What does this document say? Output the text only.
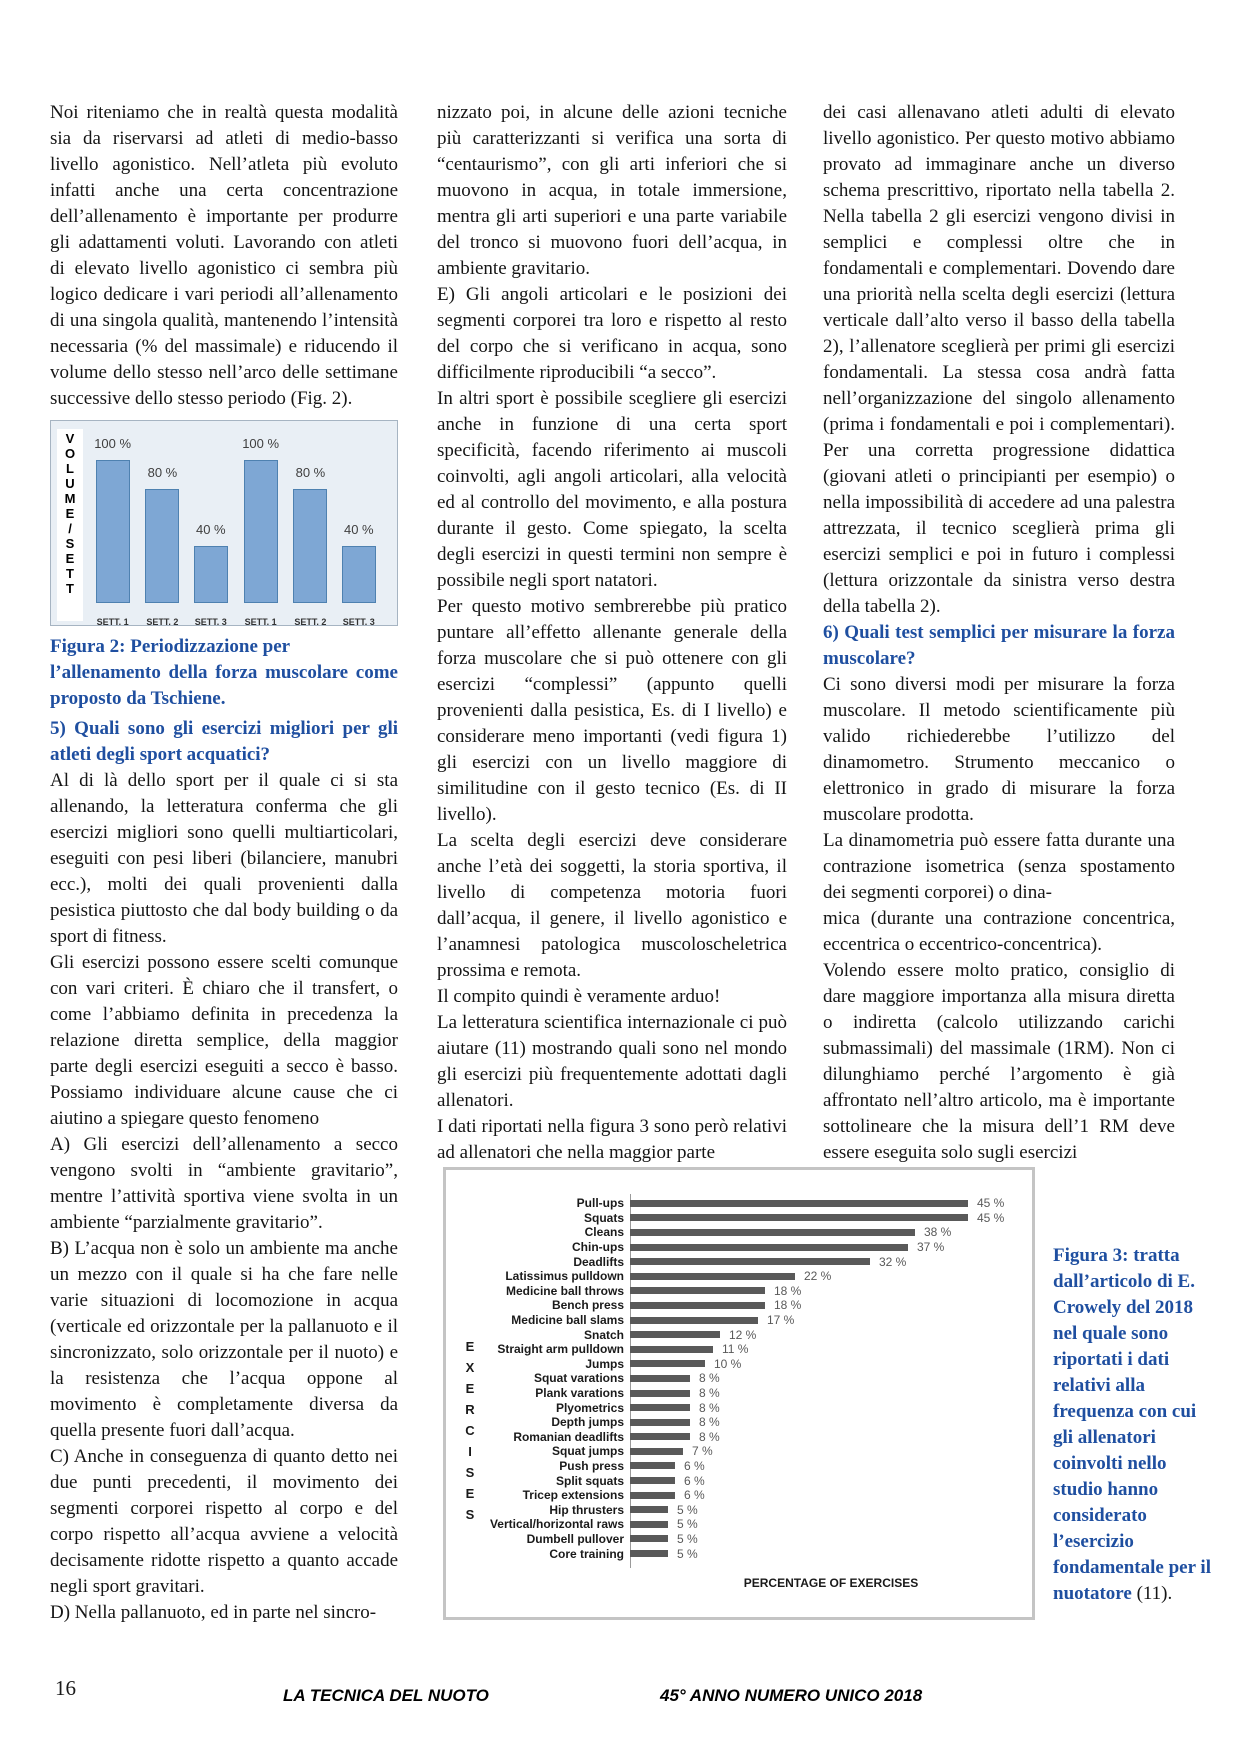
Noi riteniamo che in realtà questa modalità sia da riservarsi ad atleti di medio-basso livello agonistico. Nell’atleta più evoluto infatti anche una certa concentrazione dell’allenamento è importante per produrre gli adattamenti voluti. Lavorando con atleti di elevato livello agonistico ci sembra più logico dedicare i vari periodi all’allenamento di una singola qualità, mantenendo l’intensità necessaria (% del massimale) e riducendo il volume dello stesso nell’arco delle settimane successive dello stesso periodo (Fig. 2).

V
O
L
U
M
E
/
S
E
T
T
100 %
SETT. 1
80 %
SETT. 2
40 %
SETT. 3
100 %
SETT. 1
80 %
SETT. 2
40 %
SETT. 3
Figura 2: Periodizzazione per
l’allenamento della forza muscolare come proposto da Tschiene.

5) Quali sono gli esercizi migliori per gli atleti degli sport acquatici?

Al di là dello sport per il quale ci si sta allenando, la letteratura conferma che gli esercizi migliori sono quelli multiarticolari, eseguiti con pesi liberi (bilanciere, manubri ecc.), molti dei quali provenienti dalla pesistica piuttosto che dal body building o da sport di fitness.

Gli esercizi possono essere scelti comunque con vari criteri. È chiaro che il transfert, o come l’abbiamo definita in precedenza la relazione diretta semplice, della maggior parte degli esercizi eseguiti a secco è basso. Possiamo individuare alcune cause che ci aiutino a spiegare questo fenomeno

A) Gli esercizi dell’allenamento a secco vengono svolti in “ambiente gravitario”, mentre l’attività sportiva viene svolta in un ambiente “parzialmente gravitario”.

B) L’acqua non è solo un ambiente ma anche un mezzo con il quale si ha che fare nelle varie situazioni di locomozione in acqua (verticale ed orizzontale per la pallanuoto e il sincronizzato, solo orizzontale per il nuoto) e la resistenza che l’acqua oppone al movimento è completamente diversa da quella presente fuori dall’acqua.

C) Anche in conseguenza di quanto detto nei due punti precedenti, il movimento dei segmenti corporei rispetto al corpo e del corpo rispetto all’acqua avviene a velocità decisamente ridotte rispetto a quanto accade negli sport gravitari.

D) Nella pallanuoto, ed in parte nel sincro-

nizzato poi, in alcune delle azioni tecniche più caratterizzanti si verifica una sorta di “centaurismo”, con gli arti inferiori che si muovono in acqua, in totale immersione, mentra gli arti superiori e una parte variabile del tronco si muovono fuori dell’acqua, in ambiente gravitario.

E) Gli angoli articolari e le posizioni dei segmenti corporei tra loro e rispetto al resto del corpo che si verificano in acqua, sono difficilmente riproducibili “a secco”.

In altri sport è possibile scegliere gli esercizi anche in funzione di una certa sport specificità, facendo riferimento ai muscoli coinvolti, agli angoli articolari, alla velocità ed al controllo del movimento, e alla postura durante il gesto. Come spiegato, la scelta degli esercizi in questi termini non sempre è possibile negli sport natatori.

Per questo motivo sembrerebbe più pratico puntare all’effetto allenante generale della forza muscolare che si può ottenere con gli esercizi “complessi” (appunto quelli provenienti dalla pesistica, Es. di I livello) e considerare meno importanti (vedi figura 1) gli esercizi con un livello maggiore di similitudine con il gesto tecnico (Es. di II livello).

La scelta degli esercizi deve considerare anche l’età dei soggetti, la storia sportiva, il livello di competenza motoria fuori dall’acqua, il genere, il livello agonistico e l’anamnesi patologica muscoloscheletrica prossima e remota.

Il compito quindi è veramente arduo!

La letteratura scientifica internazionale ci può aiutare (11) mostrando quali sono nel mondo gli esercizi più frequentemente adottati dagli allenatori.

I dati riportati nella figura 3 sono però relativi ad allenatori che nella maggior parte

dei casi allenavano atleti adulti di elevato livello agonistico. Per questo motivo abbiamo provato ad immaginare anche un diverso schema prescrittivo, riportato nella tabella 2. Nella tabella 2 gli esercizi vengono divisi in semplici e complessi oltre che in fondamentali e complementari. Dovendo dare una priorità nella scelta degli esercizi (lettura verticale dall’alto verso il basso della tabella 2), l’allenatore sceglierà per primi gli esercizi fondamentali. La stessa cosa andrà fatta nell’organizzazione del singolo allenamento (prima i fondamentali e poi i complementari). Per una corretta progressione didattica (giovani atleti o principianti per esempio) o nella impossibilità di accedere ad una palestra attrezzata, il tecnico sceglierà prima gli esercizi semplici e poi in futuro i complessi (lettura orizzontale da sinistra verso destra della tabella 2).

6) Quali test semplici per misurare la forza muscolare?

Ci sono diversi modi per misurare la forza muscolare. Il metodo scientificamente più valido richiederebbe l’utilizzo del dinamometro. Strumento meccanico o elettronico in grado di misurare la forza muscolare prodotta.

La dinamometria può essere fatta durante una contrazione isometrica (senza spostamento dei segmenti corporei) o dina-

mica (durante una contrazione concentrica, eccentrica o eccentrico-concentrica).

Volendo essere molto pratico, consiglio di dare maggiore importanza alla misura diretta o indiretta (calcolo utilizzando carichi submassimali) del massimale (1RM). Non ci dilunghiamo perché l’argomento è già affrontato nell’altro articolo, ma è importante sottolineare che la misura dell’1 RM deve essere eseguita solo sugli esercizi

E
X
E
R
C
I
S
E
S
Pull-ups	45 %
Squats	45 %
Cleans	38 %
Chin-ups	37 %
Deadlifts	32 %
Latissimus pulldown	22 %
Medicine ball throws	18 %
Bench press	18 %
Medicine ball slams	17 %
Snatch	12 %
Straight arm pulldown	11 %
Jumps	10 %
Squat varations	8 %
Plank varations	8 %
Plyometrics	8 %
Depth jumps	8 %
Romanian deadlifts	8 %
Squat jumps	7 %
Push press	6 %
Split squats	6 %
Tricep extensions	6 %
Hip thrusters	5 %
Vertical/horizontal raws	5 %
Dumbell pullover	5 %
Core training	5 %
PERCENTAGE OF EXERCISES
Figura 3: tratta dall’articolo di E. Crowely del 2018 nel quale sono riportati i dati relativi alla frequenza con cui gli allenatori coinvolti nello studio hanno considerato l’esercizio fondamentale per il nuotatore (11).
16	LA TECNICA DEL NUOTO	45° ANNO NUMERO UNICO 2018
